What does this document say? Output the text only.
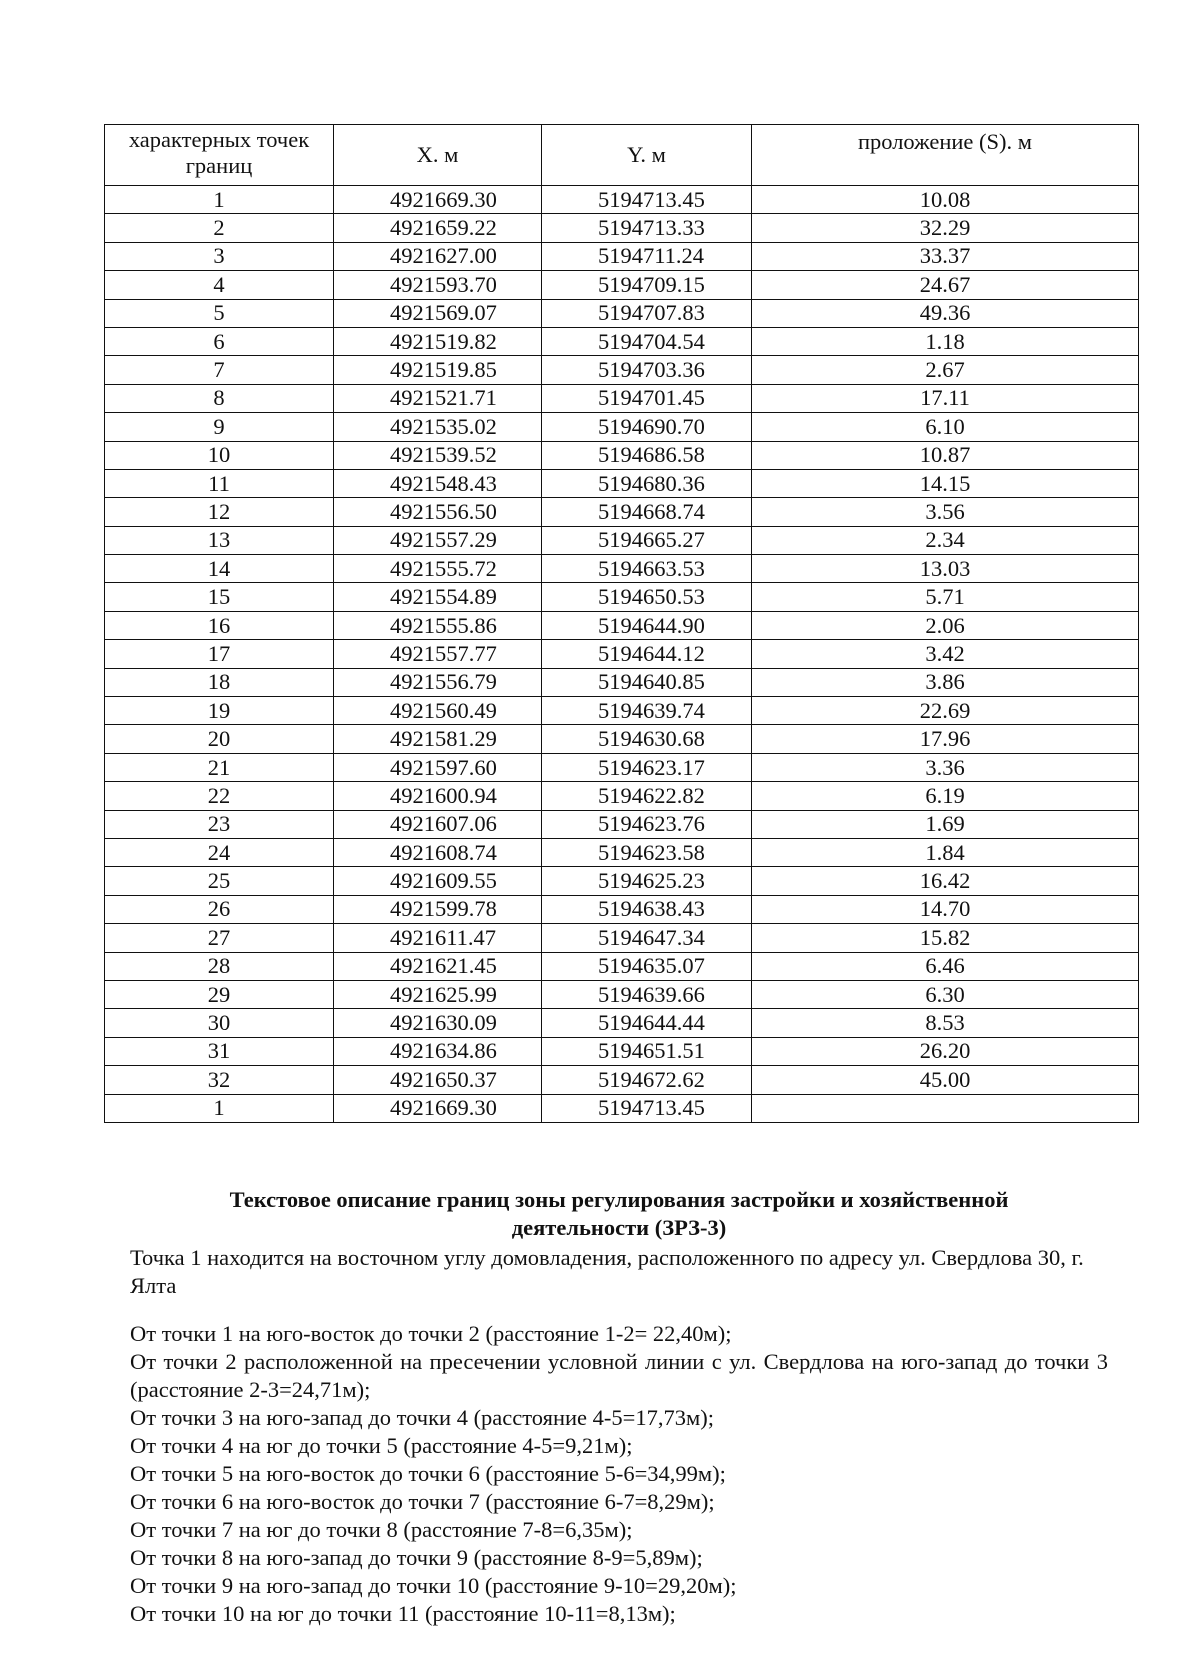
характерных точек границ	X. м	Y. м	проложение (S). м
1	4921669.30	5194713.45	10.08
2	4921659.22	5194713.33	32.29
3	4921627.00	5194711.24	33.37
4	4921593.70	5194709.15	24.67
5	4921569.07	5194707.83	49.36
6	4921519.82	5194704.54	1.18
7	4921519.85	5194703.36	2.67
8	4921521.71	5194701.45	17.11
9	4921535.02	5194690.70	6.10
10	4921539.52	5194686.58	10.87
11	4921548.43	5194680.36	14.15
12	4921556.50	5194668.74	3.56
13	4921557.29	5194665.27	2.34
14	4921555.72	5194663.53	13.03
15	4921554.89	5194650.53	5.71
16	4921555.86	5194644.90	2.06
17	4921557.77	5194644.12	3.42
18	4921556.79	5194640.85	3.86
19	4921560.49	5194639.74	22.69
20	4921581.29	5194630.68	17.96
21	4921597.60	5194623.17	3.36
22	4921600.94	5194622.82	6.19
23	4921607.06	5194623.76	1.69
24	4921608.74	5194623.58	1.84
25	4921609.55	5194625.23	16.42
26	4921599.78	5194638.43	14.70
27	4921611.47	5194647.34	15.82
28	4921621.45	5194635.07	6.46
29	4921625.99	5194639.66	6.30
30	4921630.09	5194644.44	8.53
31	4921634.86	5194651.51	26.20
32	4921650.37	5194672.62	45.00
1	4921669.30	5194713.45	
Текстовое описание границ зоны регулирования застройки и хозяйственной
деятельности (ЗРЗ-3)
Точка 1 находится на восточном углу домовладения, расположенного по адресу ул. Свердлова 30, г. Ялта
От точки 1 на юго-восток до точки 2 (расстояние 1-2= 22,40м);
От точки 2 расположенной на пресечении условной линии с ул. Свердлова на юго-запад до точки 3 (расстояние 2-3=24,71м);
От точки 3 на юго-запад до точки 4 (расстояние 4-5=17,73м);
От точки 4 на юг до точки 5 (расстояние 4-5=9,21м);
От точки 5 на юго-восток до точки 6 (расстояние 5-6=34,99м);
От точки 6 на юго-восток до точки 7 (расстояние 6-7=8,29м);
От точки 7 на юг до точки 8 (расстояние 7-8=6,35м);
От точки 8 на юго-запад до точки 9 (расстояние 8-9=5,89м);
От точки 9 на юго-запад до точки 10 (расстояние 9-10=29,20м);
От точки 10 на юг до точки 11 (расстояние 10-11=8,13м);
